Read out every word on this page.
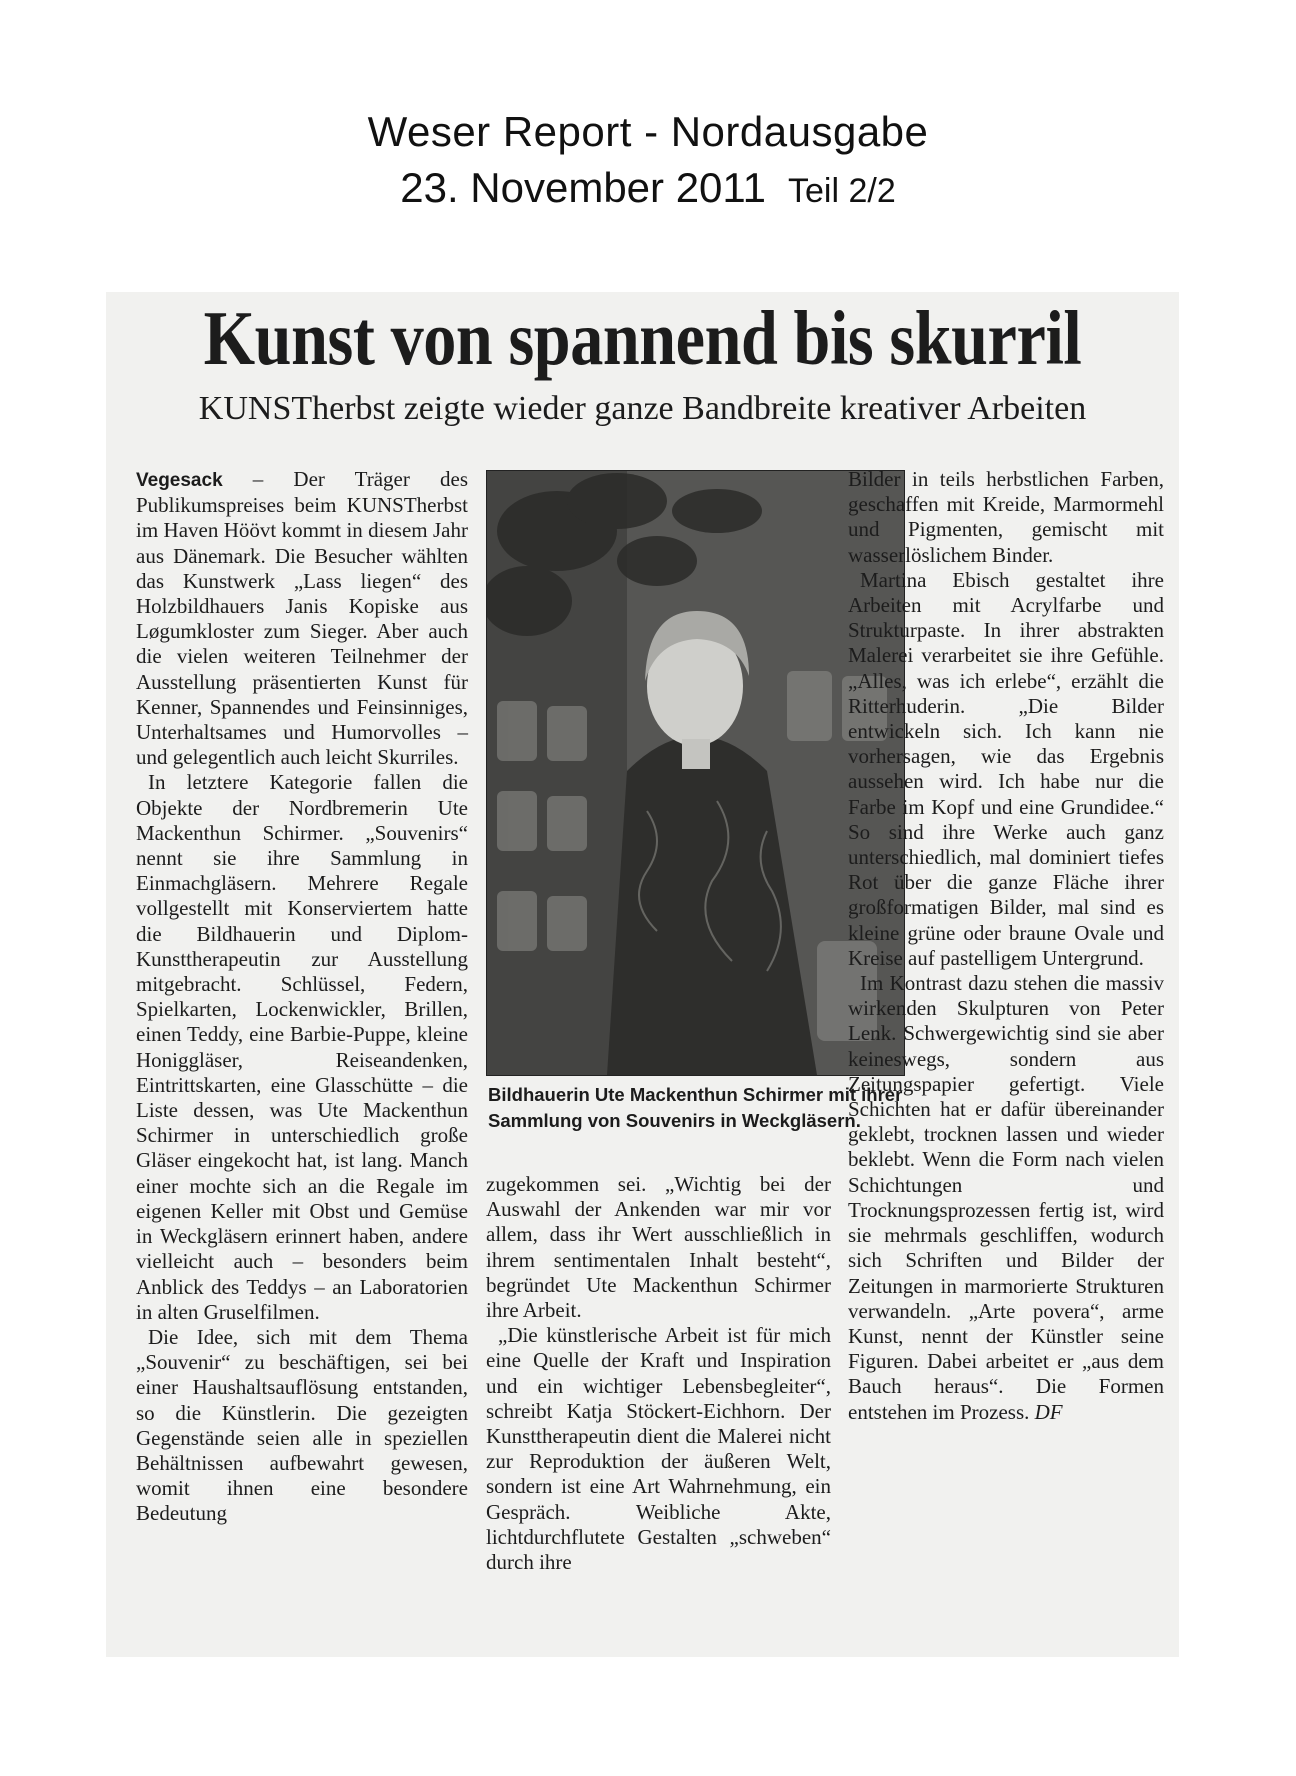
Weser Report - Nordausgabe
23. November 2011 Teil 2/2
Kunst von spannend bis skurril
KUNSTherbst zeigte wieder ganze Bandbreite kreativer Arbeiten

Vegesack – Der Träger des Publikumspreises beim KUNSTherbst im Haven Höövt kommt in diesem Jahr aus Dänemark. Die Besucher wählten das Kunstwerk „Lass liegen“ des Holzbildhauers Janis Kopiske aus Løgumkloster zum Sieger. Aber auch die vielen weiteren Teilnehmer der Ausstellung präsentierten Kunst für Kenner, Spannendes und Feinsinniges, Unterhaltsames und Humorvolles – und gelegentlich auch leicht Skurriles.

In letztere Kategorie fallen die Objekte der Nordbremerin Ute Mackenthun Schirmer. „Souvenirs“ nennt sie ihre Sammlung in Einmachgläsern. Mehrere Regale vollgestellt mit Konserviertem hatte die Bildhauerin und Diplom-Kunsttherapeutin zur Ausstellung mitgebracht. Schlüssel, Federn, Spielkarten, Lockenwickler, Brillen, einen Teddy, eine Barbie-Puppe, kleine Honiggläser, Reiseandenken, Eintrittskarten, eine Glasschütte – die Liste dessen, was Ute Mackenthun Schirmer in unterschiedlich große Gläser eingekocht hat, ist lang. Manch einer mochte sich an die Regale im eigenen Keller mit Obst und Gemüse in Weckgläsern erinnert haben, andere vielleicht auch – besonders beim Anblick des Teddys – an Laboratorien in alten Gruselfilmen.

Die Idee, sich mit dem Thema „Souvenir“ zu beschäftigen, sei bei einer Haushaltsauflösung entstanden, so die Künstlerin. Die gezeigten Gegenstände seien alle in speziellen Behältnissen aufbewahrt gewesen, womit ihnen eine besondere Bedeutung

Bildhauerin Ute Mackenthun Schirmer mit ihrer Sammlung von Souvenirs in Weckgläsern.

zugekommen sei. „Wichtig bei der Auswahl der Ankenden war mir vor allem, dass ihr Wert ausschließlich in ihrem sentimentalen Inhalt besteht“, begründet Ute Mackenthun Schirmer ihre Arbeit.

„Die künstlerische Arbeit ist für mich eine Quelle der Kraft und Inspiration und ein wichtiger Lebensbegleiter“, schreibt Katja Stöckert-Eichhorn. Der Kunsttherapeutin dient die Malerei nicht zur Reproduktion der äußeren Welt, sondern ist eine Art Wahrnehmung, ein Gespräch. Weibliche Akte, lichtdurchflutete Gestalten „schweben“ durch ihre

Bilder in teils herbstlichen Farben, geschaffen mit Kreide, Marmormehl und Pigmenten, gemischt mit wasserlöslichem Binder.

Martina Ebisch gestaltet ihre Arbeiten mit Acrylfarbe und Strukturpaste. In ihrer abstrakten Malerei verarbeitet sie ihre Gefühle. „Alles, was ich erlebe“, erzählt die Ritterhuderin. „Die Bilder entwickeln sich. Ich kann nie vorhersagen, wie das Ergebnis aussehen wird. Ich habe nur die Farbe im Kopf und eine Grundidee.“ So sind ihre Werke auch ganz unterschiedlich, mal dominiert tiefes Rot über die ganze Fläche ihrer großformatigen Bilder, mal sind es kleine grüne oder braune Ovale und Kreise auf pastelligem Untergrund.

Im Kontrast dazu stehen die massiv wirkenden Skulpturen von Peter Lenk. Schwergewichtig sind sie aber keineswegs, sondern aus Zeitungspapier gefertigt. Viele Schichten hat er dafür übereinander geklebt, trocknen lassen und wieder beklebt. Wenn die Form nach vielen Schichtungen und Trocknungsprozessen fertig ist, wird sie mehrmals geschliffen, wodurch sich Schriften und Bilder der Zeitungen in marmorierte Strukturen verwandeln. „Arte povera“, arme Kunst, nennt der Künstler seine Figuren. Dabei arbeitet er „aus dem Bauch heraus“. Die Formen entstehen im Prozess. DF
